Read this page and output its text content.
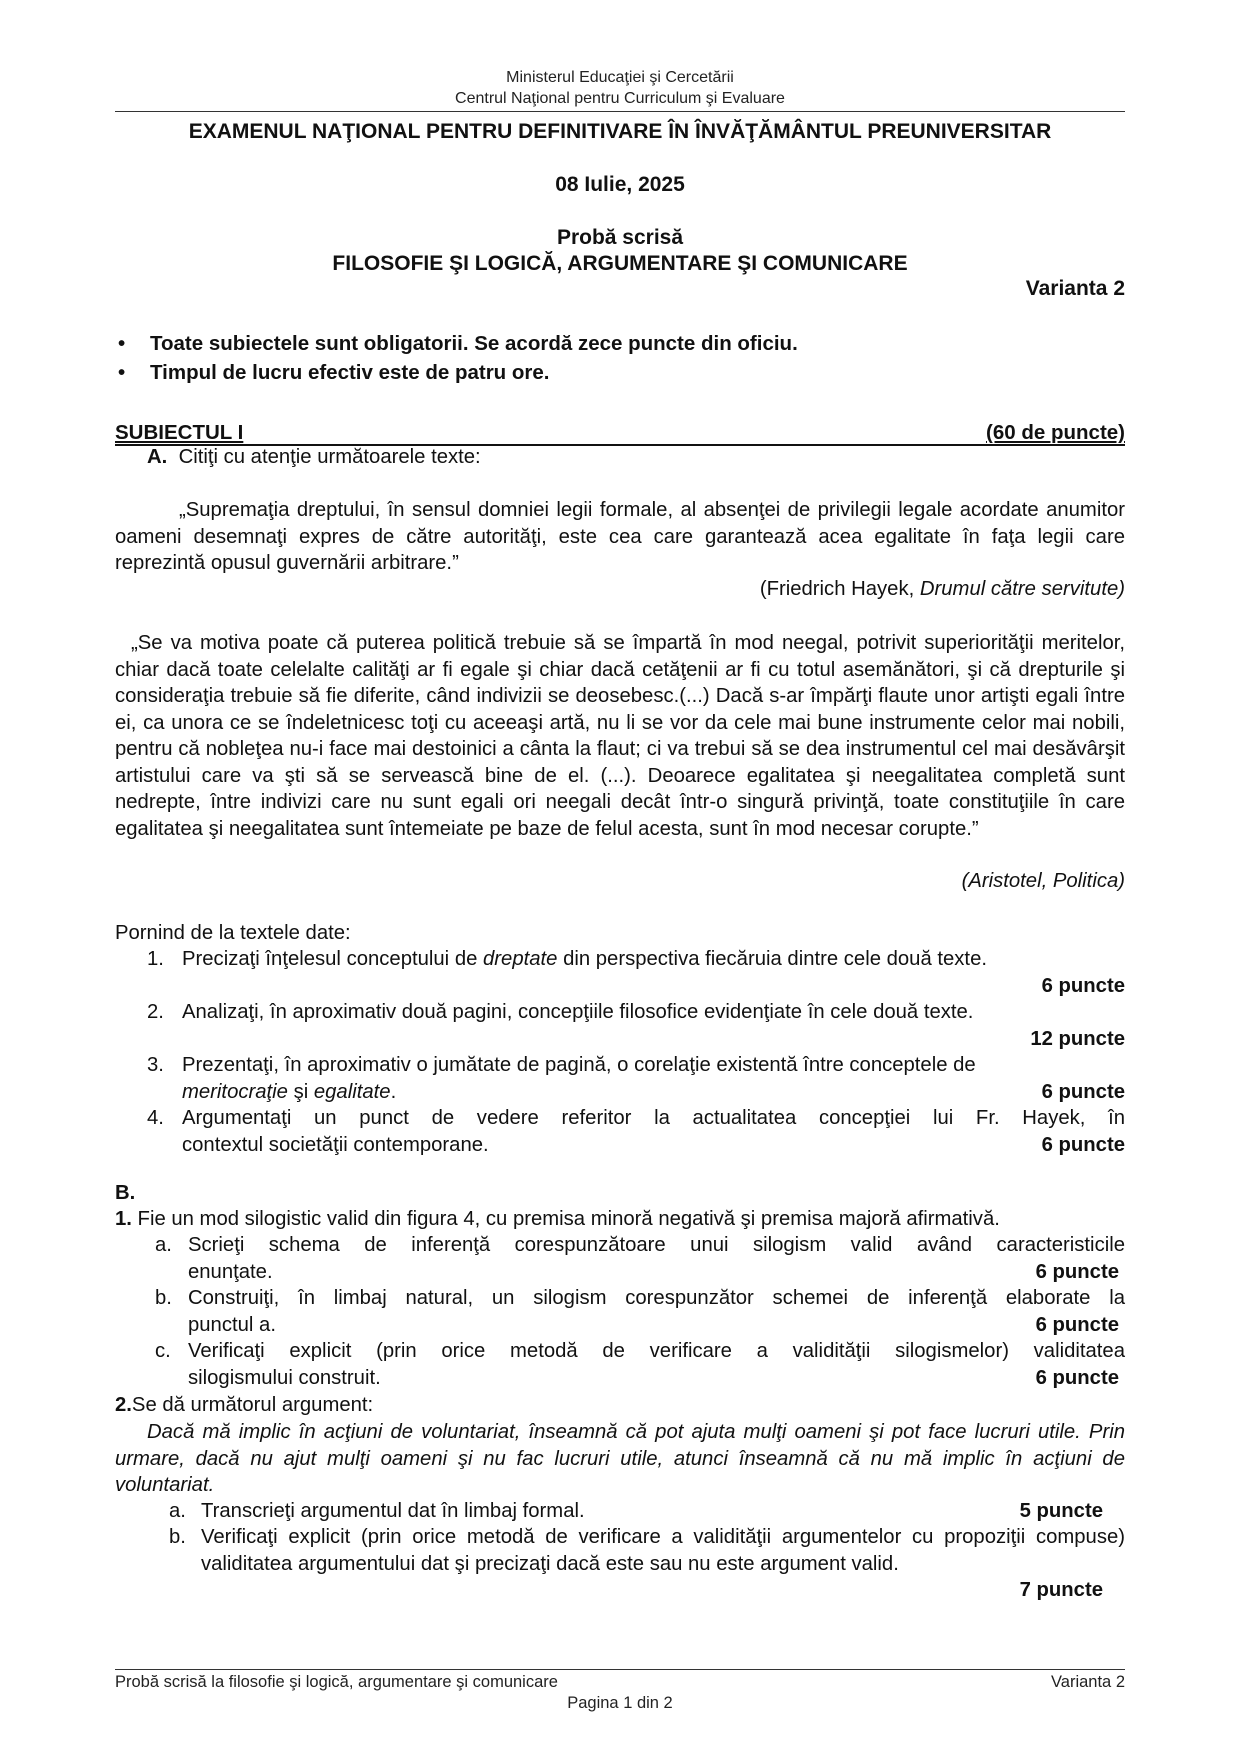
Ministerul Educaţiei şi Cercetării
Centrul Naţional pentru Curriculum şi Evaluare
EXAMENUL NAŢIONAL PENTRU DEFINITIVARE ÎN ÎNVĂŢĂMÂNTUL PREUNIVERSITAR
08 Iulie, 2025
Probă scrisă
FILOSOFIE ŞI LOGICĂ, ARGUMENTARE ŞI COMUNICARE
Varianta 2
•	Toate subiectele sunt obligatorii. Se acordă zece puncte din oficiu.
•	Timpul de lucru efectiv este de patru ore.
SUBIECTUL I	(60 de puncte)
A. Citiţi cu atenţie următoarele texte:
„Supremaţia dreptului, în sensul domniei legii formale, al absenţei de privilegii legale acordate anumitor oameni desemnaţi expres de către autorităţi, este cea care garantează acea egalitate în faţa legii care reprezintă opusul guvernării arbitrare.”
(Friedrich Hayek, Drumul către servitute)
„Se va motiva poate că puterea politică trebuie să se împartă în mod neegal, potrivit superiorităţii meritelor, chiar dacă toate celelalte calităţi ar fi egale şi chiar dacă cetăţenii ar fi cu totul asemănători, şi că drepturile şi consideraţia trebuie să fie diferite, când indivizii se deosebesc.(...) Dacă s-ar împărţi flaute unor artişti egali între ei, ca unora ce se îndeletnicesc toţi cu aceeaşi artă, nu li se vor da cele mai bune instrumente celor mai nobili, pentru că nobleţea nu-i face mai destoinici a cânta la flaut; ci va trebui să se dea instrumentul cel mai desăvârşit artistului care va şti să se servească bine de el. (...). Deoarece egalitatea şi neegalitatea completă sunt nedrepte, între indivizi care nu sunt egali ori neegali decât într-o singură privinţă, toate constituţiile în care egalitatea şi neegalitatea sunt întemeiate pe baze de felul acesta, sunt în mod necesar corupte.”
(Aristotel, Politica)
Pornind de la textele date:
1. Precizaţi înţelesul conceptului de dreptate din perspectiva fiecăruia dintre cele două texte.
6 puncte
2. Analizaţi, în aproximativ două pagini, concepţiile filosofice evidenţiate în cele două texte.
12 puncte
3. Prezentaţi, în aproximativ o jumătate de pagină, o corelaţie existentă între conceptele de
meritocraţie şi egalitate.	6 puncte
4. Argumentaţi un punct de vedere referitor la actualitatea concepţiei lui Fr. Hayek, în
contextul societăţii contemporane.	6 puncte
B.
1. Fie un mod silogistic valid din figura 4, cu premisa minoră negativă şi premisa majoră afirmativă.
a. Scrieţi schema de inferenţă corespunzătoare unui silogism valid având caracteristicile
enunţate.	6 puncte
b. Construiţi, în limbaj natural, un silogism corespunzător schemei de inferenţă elaborate la
punctul a.	6 puncte
c. Verificaţi explicit (prin orice metodă de verificare a validităţii silogismelor) validitatea
silogismului construit.	6 puncte
2.Se dă următorul argument:
Dacă mă implic în acţiuni de voluntariat, înseamnă că pot ajuta mulţi oameni şi pot face lucruri utile. Prin urmare, dacă nu ajut mulţi oameni şi nu fac lucruri utile, atunci înseamnă că nu mă implic în acţiuni de voluntariat.
a. Transcrieţi argumentul dat în limbaj formal.	5 puncte
b. Verificaţi explicit (prin orice metodă de verificare a validităţii argumentelor cu propoziţii compuse) validitatea argumentului dat şi precizaţi dacă este sau nu este argument valid.
7 puncte
Probă scrisă la filosofie şi logică, argumentare şi comunicare	Varianta 2
Pagina 1 din 2
